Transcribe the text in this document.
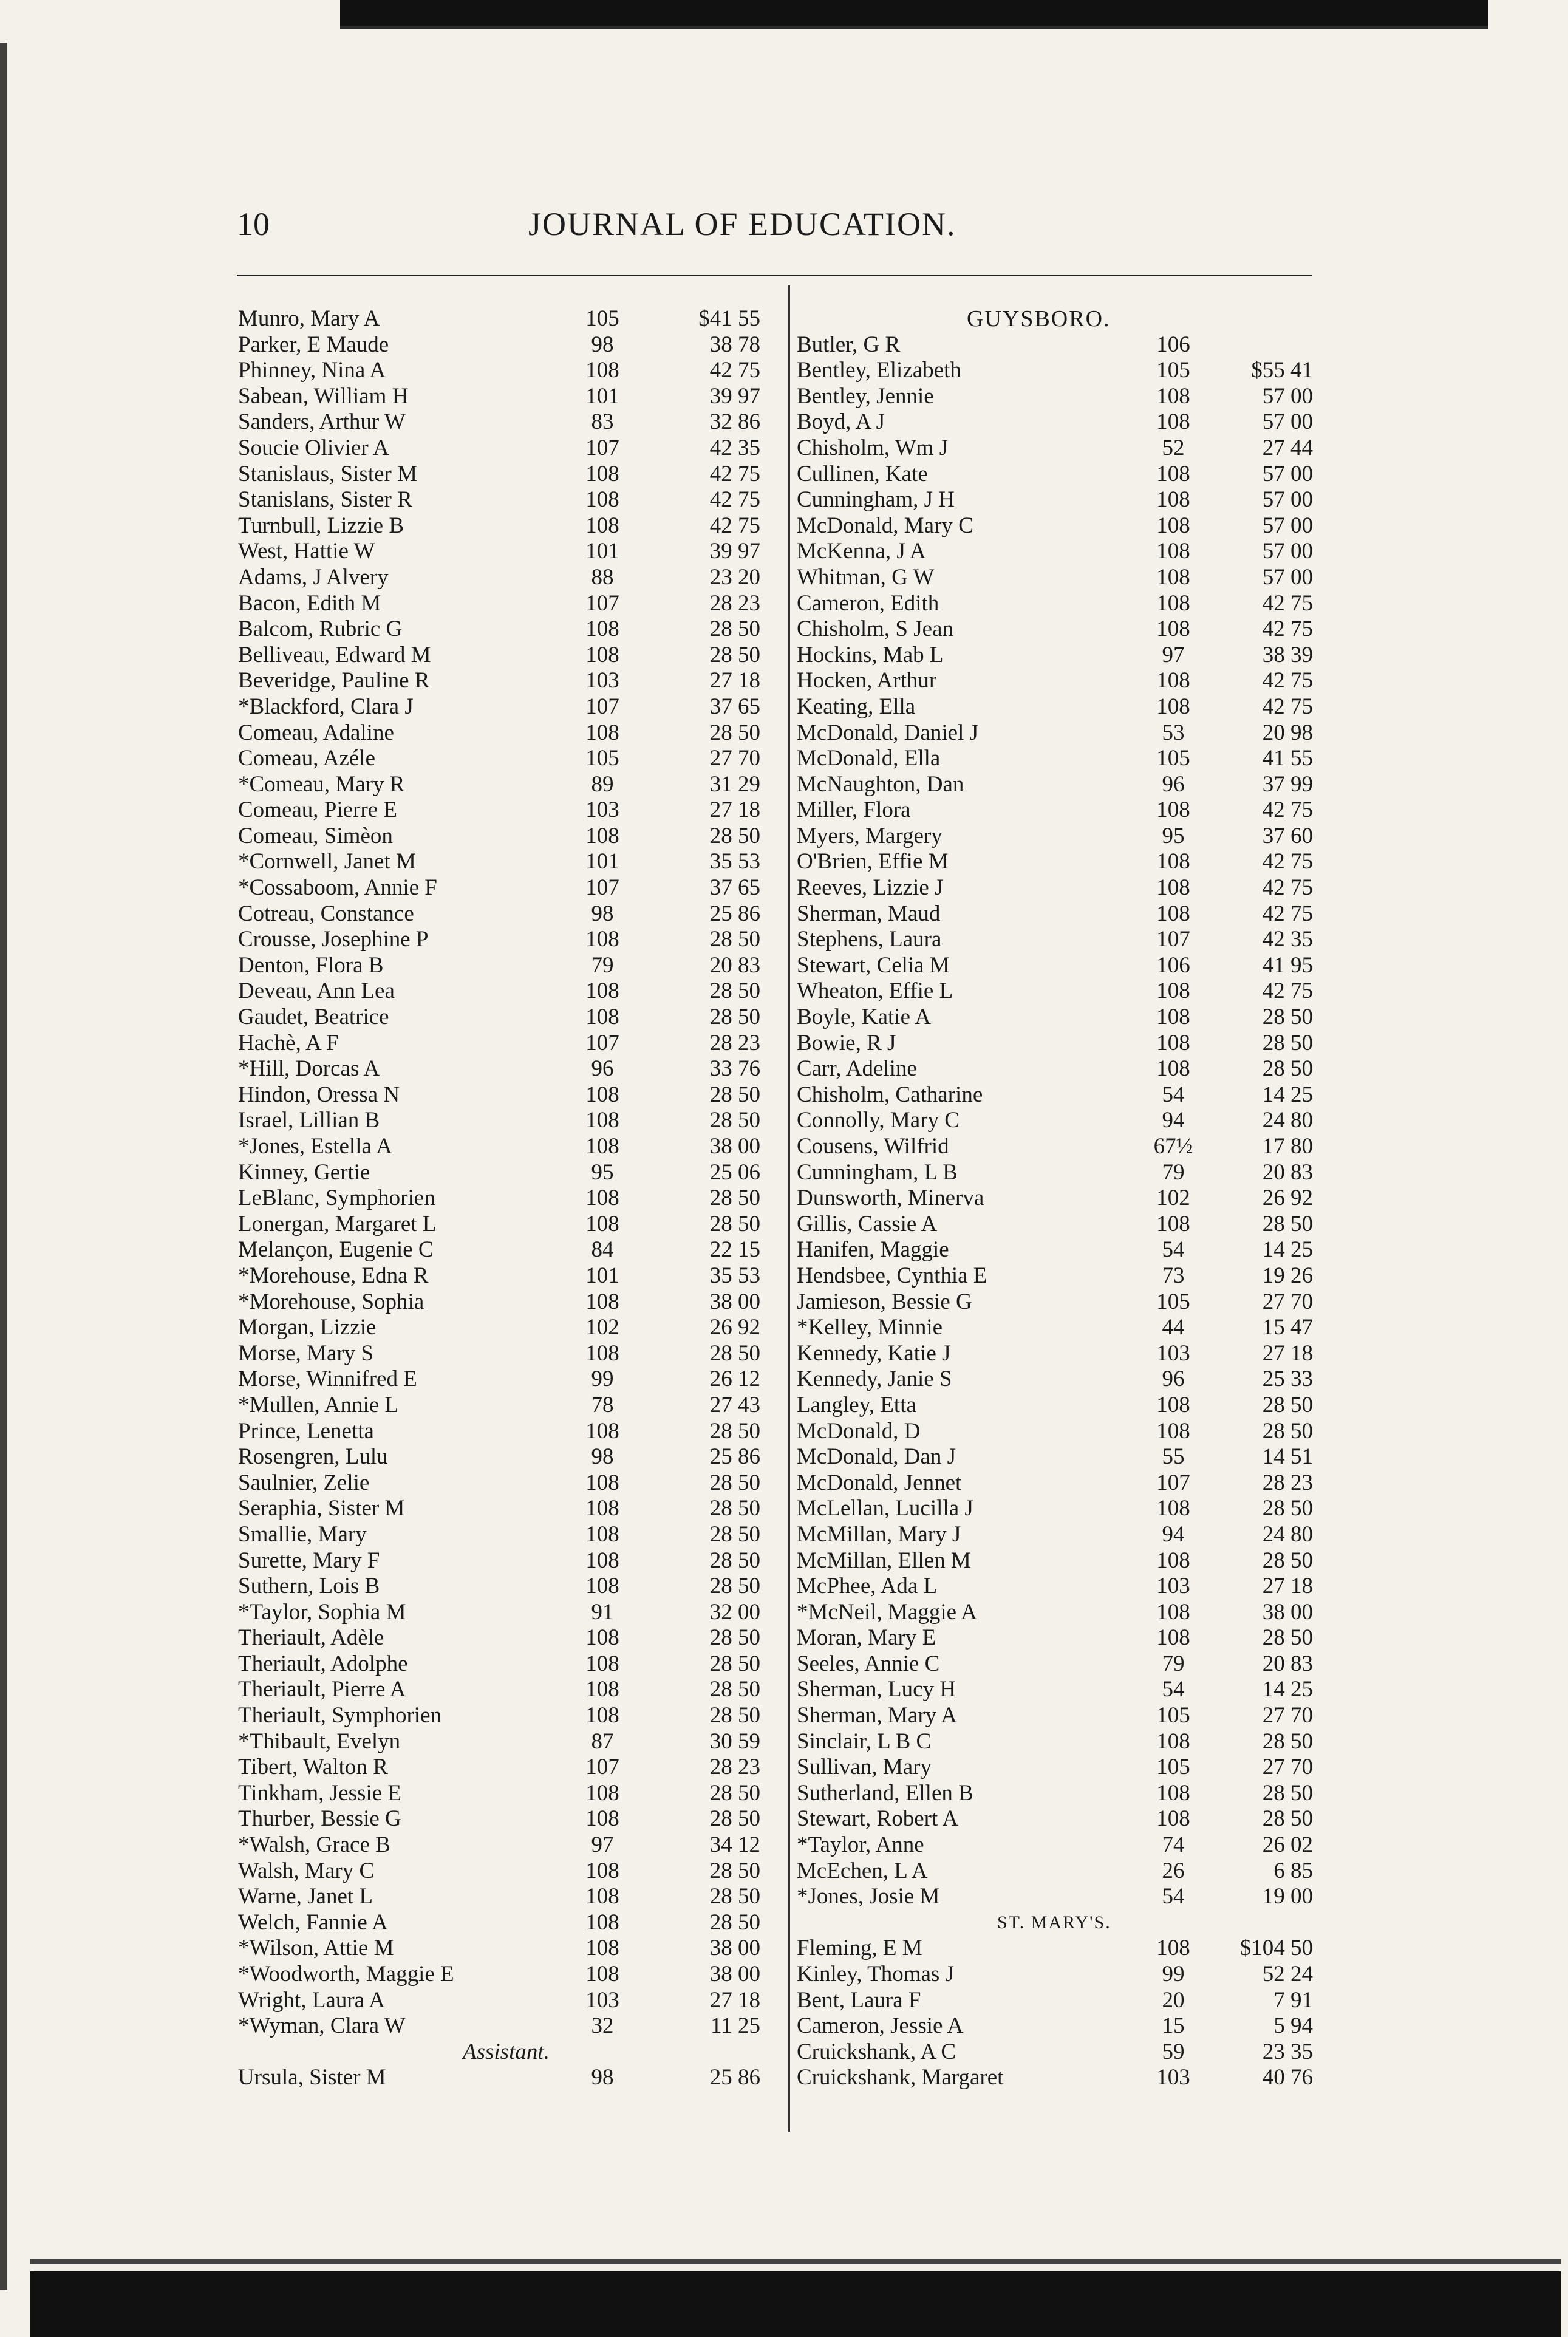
10	JOURNAL OF EDUCATION.
Munro, Mary A	105	$41 55
Parker, E Maude	98	38 78
Phinney, Nina A	108	42 75
Sabean, William H	101	39 97
Sanders, Arthur W	83	32 86
Soucie Olivier A	107	42 35
Stanislaus, Sister M	108	42 75
Stanislans, Sister R	108	42 75
Turnbull, Lizzie B	108	42 75
West, Hattie W	101	39 97
Adams, J Alvery	88	23 20
Bacon, Edith M	107	28 23
Balcom, Rubric G	108	28 50
Belliveau, Edward M	108	28 50
Beveridge, Pauline R	103	27 18
*Blackford, Clara J	107	37 65
Comeau, Adaline	108	28 50
Comeau, Azéle	105	27 70
*Comeau, Mary R	89	31 29
Comeau, Pierre E	103	27 18
Comeau, Simèon	108	28 50
*Cornwell, Janet M	101	35 53
*Cossaboom, Annie F	107	37 65
Cotreau, Constance	98	25 86
Crousse, Josephine P	108	28 50
Denton, Flora B	79	20 83
Deveau, Ann Lea	108	28 50
Gaudet, Beatrice	108	28 50
Hachè, A F	107	28 23
*Hill, Dorcas A	96	33 76
Hindon, Oressa N	108	28 50
Israel, Lillian B	108	28 50
*Jones, Estella A	108	38 00
Kinney, Gertie	95	25 06
LeBlanc, Symphorien	108	28 50
Lonergan, Margaret L	108	28 50
Melançon, Eugenie C	84	22 15
*Morehouse, Edna R	101	35 53
*Morehouse, Sophia	108	38 00
Morgan, Lizzie	102	26 92
Morse, Mary S	108	28 50
Morse, Winnifred E	99	26 12
*Mullen, Annie L	78	27 43
Prince, Lenetta	108	28 50
Rosengren, Lulu	98	25 86
Saulnier, Zelie	108	28 50
Seraphia, Sister M	108	28 50
Smallie, Mary	108	28 50
Surette, Mary F	108	28 50
Suthern, Lois B	108	28 50
*Taylor, Sophia M	91	32 00
Theriault, Adèle	108	28 50
Theriault, Adolphe	108	28 50
Theriault, Pierre A	108	28 50
Theriault, Symphorien	108	28 50
*Thibault, Evelyn	87	30 59
Tibert, Walton R	107	28 23
Tinkham, Jessie E	108	28 50
Thurber, Bessie G	108	28 50
*Walsh, Grace B	97	34 12
Walsh, Mary C	108	28 50
Warne, Janet L	108	28 50
Welch, Fannie A	108	28 50
*Wilson, Attie M	108	38 00
*Woodworth, Maggie E	108	38 00
Wright, Laura A	103	27 18
*Wyman, Clara W	32	11 25
Assistant.
Ursula, Sister M	98	25 86
GUYSBORO.
Butler, G R	106
Bentley, Elizabeth	105	$55 41
Bentley, Jennie	108	57 00
Boyd, A J	108	57 00
Chisholm, Wm J	52	27 44
Cullinen, Kate	108	57 00
Cunningham, J H	108	57 00
McDonald, Mary C	108	57 00
McKenna, J A	108	57 00
Whitman, G W	108	57 00
Cameron, Edith	108	42 75
Chisholm, S Jean	108	42 75
Hockins, Mab L	97	38 39
Hocken, Arthur	108	42 75
Keating, Ella	108	42 75
McDonald, Daniel J	53	20 98
McDonald, Ella	105	41 55
McNaughton, Dan	96	37 99
Miller, Flora	108	42 75
Myers, Margery	95	37 60
O'Brien, Effie M	108	42 75
Reeves, Lizzie J	108	42 75
Sherman, Maud	108	42 75
Stephens, Laura	107	42 35
Stewart, Celia M	106	41 95
Wheaton, Effie L	108	42 75
Boyle, Katie A	108	28 50
Bowie, R J	108	28 50
Carr, Adeline	108	28 50
Chisholm, Catharine	54	14 25
Connolly, Mary C	94	24 80
Cousens, Wilfrid	67½	17 80
Cunningham, L B	79	20 83
Dunsworth, Minerva	102	26 92
Gillis, Cassie A	108	28 50
Hanifen, Maggie	54	14 25
Hendsbee, Cynthia E	73	19 26
Jamieson, Bessie G	105	27 70
*Kelley, Minnie	44	15 47
Kennedy, Katie J	103	27 18
Kennedy, Janie S	96	25 33
Langley, Etta	108	28 50
McDonald, D	108	28 50
McDonald, Dan J	55	14 51
McDonald, Jennet	107	28 23
McLellan, Lucilla J	108	28 50
McMillan, Mary J	94	24 80
McMillan, Ellen M	108	28 50
McPhee, Ada L	103	27 18
*McNeil, Maggie A	108	38 00
Moran, Mary E	108	28 50
Seeles, Annie C	79	20 83
Sherman, Lucy H	54	14 25
Sherman, Mary A	105	27 70
Sinclair, L B C	108	28 50
Sullivan, Mary	105	27 70
Sutherland, Ellen B	108	28 50
Stewart, Robert A	108	28 50
*Taylor, Anne	74	26 02
McEchen, L A	26	6 85
*Jones, Josie M	54	19 00
ST. MARY'S.
Fleming, E M	108	$104 50
Kinley, Thomas J	99	52 24
Bent, Laura F	20	7 91
Cameron, Jessie A	15	5 94
Cruickshank, A C	59	23 35
Cruickshank, Margaret	103	40 76
